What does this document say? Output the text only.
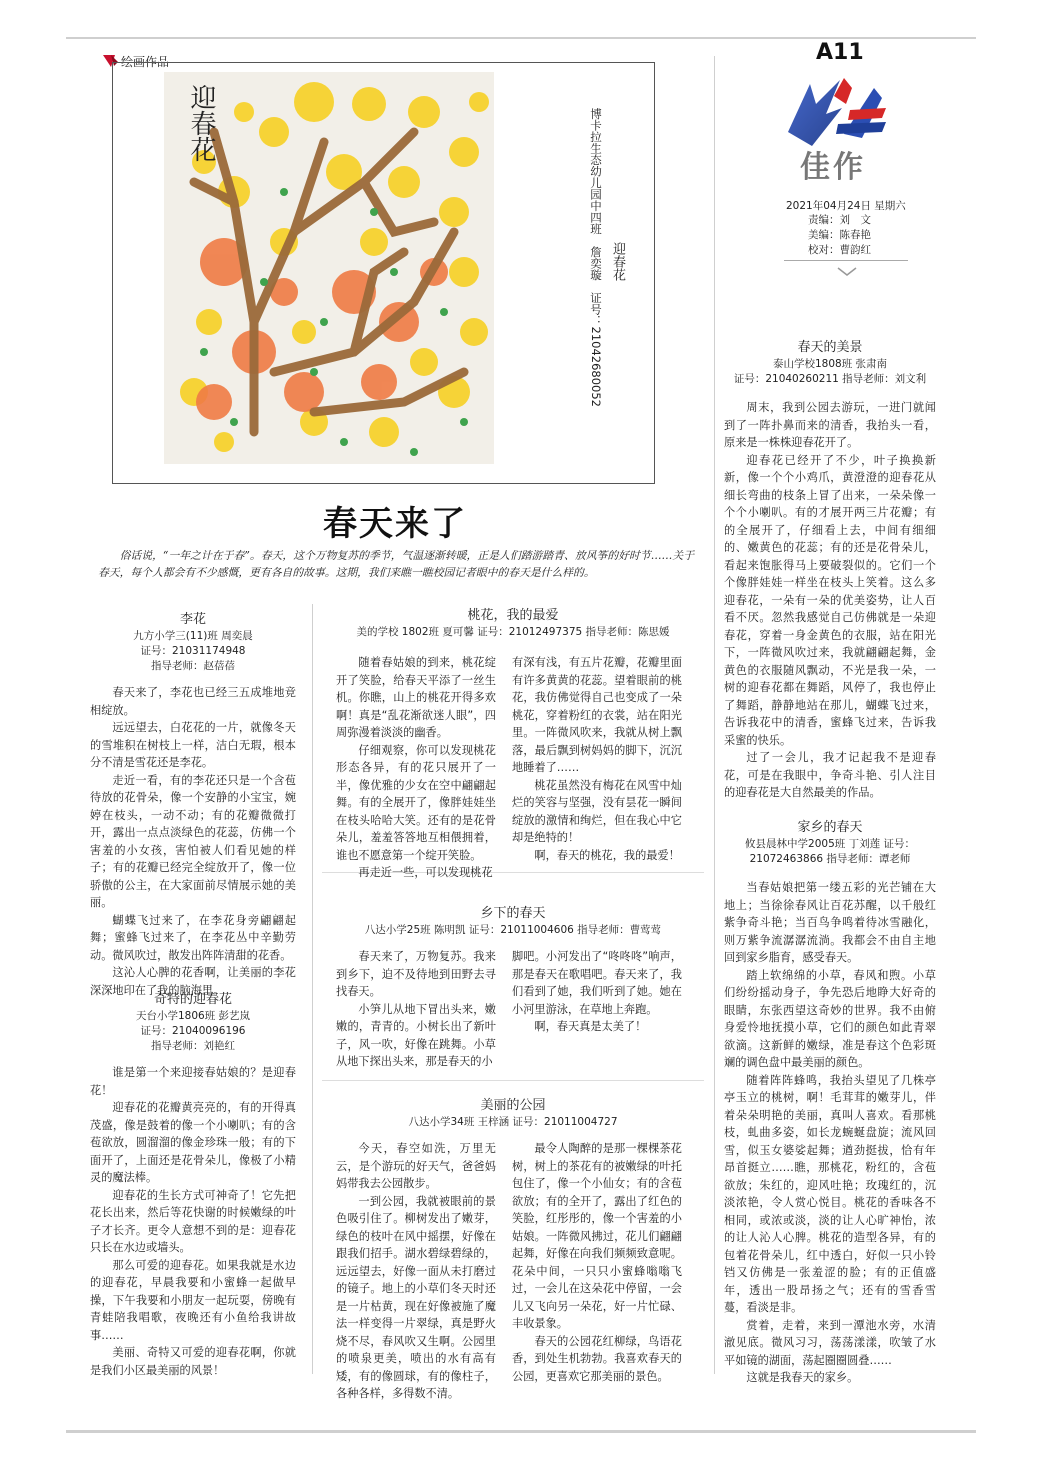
A11
佳作
2021年04月24日 星期六
责编：刘　文
美编：陈春艳
校对：曹韵红
绘画作品
迎春花
迎春花
博卡拉生态幼儿园中四班　詹奕璇　证号：21042680052
春天来了
俗话说，“一年之计在于春”。春天，这个万物复苏的季节，气温逐渐转暖，正是人们踏游踏青、放风筝的好时节……关于春天，每个人都会有不少感慨，更有各自的故事。这期，我们来瞧一瞧校园记者眼中的春天是什么样的。
李花

九方小学三(11)班 周奕晨

证号：21031174948

指导老师：赵蓓蓓

春天来了，李花也已经三五成堆地竞相绽放。

远远望去，白花花的一片，就像冬天的雪堆积在树枝上一样，洁白无瑕，根本分不清是雪花还是李花。

走近一看，有的李花还只是一个含苞待放的花骨朵，像一个安静的小宝宝，婉婷在枝头，一动不动；有的花瓣微微打开，露出一点点淡绿色的花蕊，仿佛一个害羞的小女孩，害怕被人们看见她的样子；有的花瓣已经完全绽放开了，像一位骄傲的公主，在大家面前尽情展示她的美丽。

蝴蝶飞过来了，在李花身旁翩翩起舞；蜜蜂飞过来了，在李花丛中辛勤劳动。微风吹过，散发出阵阵清甜的花香。

这沁人心脾的花香啊，让美丽的李花深深地印在了我的脑海里。

奇特的迎春花

天台小学1806班 彭艺岚

证号：21040096196

指导老师：刘艳红

谁是第一个来迎接春姑娘的？是迎春花！

迎春花的花瓣黄亮亮的，有的开得真茂盛，像是鼓着的像一个小喇叭；有的含苞欲放，圆溜溜的像金珍珠一般；有的下面开了，上面还是花骨朵儿，像极了小精灵的魔法棒。

迎春花的生长方式可神奇了！它先把花长出来，然后等花快谢的时候嫩绿的叶子才长齐。更令人意想不到的是：迎春花只长在水边或墙头。

那么可爱的迎春花。如果我就是水边的迎春花，早晨我要和小蜜蜂一起做早操，下午我要和小朋友一起玩耍，傍晚有青蛙陪我唱歌，夜晚还有小鱼给我讲故事……

美丽、奇特又可爱的迎春花啊，你就是我们小区最美丽的风景！

桃花，我的最爱

美的学校 1802班 夏可馨 证号：21012497375 指导老师：陈思媛

随着春姑娘的到来，桃花绽开了笑脸，给春天平添了一丝生机。你瞧，山上的桃花开得多欢啊！真是“乱花渐欲迷人眼”，四周弥漫着淡淡的幽香。

仔细观察，你可以发现桃花形态各异，有的花只展开了一半，像优雅的少女在空中翩翩起舞。有的全展开了，像胖娃娃坐在枝头哈哈大笑。还有的是花骨朵儿，羞羞答答地互相偎拥着，谁也不愿意第一个绽开笑脸。

再走近一些，可以发现桃花

有深有浅，有五片花瓣，花瓣里面有许多黄黄的花蕊。望着眼前的桃花，我仿佛觉得自己也变成了一朵桃花，穿着粉红的衣裳，站在阳光里。一阵微风吹来，我就从树上飘落，最后飘到树妈妈的脚下，沉沉地睡着了……

桃花虽然没有梅花在风雪中灿烂的笑容与坚强，没有昙花一瞬间绽放的激情和绚烂，但在我心中它却是绝特的！

啊，春天的桃花，我的最爱！

乡下的春天

八达小学25班 陈明凯 证号：21011004606 指导老师：曹莺莺

春天来了，万物复苏。我来到乡下，迫不及待地到田野去寻找春天。

小笋儿从地下冒出头来，嫩嫩的，青青的。小树长出了新叶子，风一吹，好像在跳舞。小草从地下探出头来，那是春天的小

脚吧。小河发出了“咚咚咚”响声，那是春天在歌唱吧。春天来了，我们看到了她，我们听到了她。她在小河里游泳，在草地上奔跑。

啊，春天真是太美了！

美丽的公园

八达小学34班 王梓涵 证号：21011004727

今天，春空如洗，万里无云，是个游玩的好天气，爸爸妈妈带我去公园散步。

一到公园，我就被眼前的景色吸引住了。柳树发出了嫩芽，绿色的枝叶在风中摇摆，好像在跟我们招手。湖水碧绿碧绿的，远远望去，好像一面从未打磨过的镜子。地上的小草们冬天时还是一片枯黄，现在好像被施了魔法一样变得一片翠绿，真是野火烧不尽，春风吹又生啊。公园里的喷泉更美，喷出的水有高有矮，有的像圆球，有的像柱子，各种各样，多得数不清。

最令人陶醉的是那一棵棵茶花树，树上的茶花有的被嫩绿的叶托包住了，像一个小仙女；有的含苞欲放；有的全开了，露出了红色的笑脸，红彤彤的，像一个害羞的小姑娘。一阵微风拂过，花儿们翩翩起舞，好像在向我们频频致意呢。花朵中间，一只只小蜜蜂嗡嗡飞过，一会儿在这朵花中停留，一会儿又飞向另一朵花，好一片忙碌、丰收景象。

春天的公园花红柳绿，鸟语花香，到处生机勃勃。我喜欢春天的公园，更喜欢它那美丽的景色。

春天的美景

泰山学校1808班 张肃南

证号：21040260211 指导老师：刘文利

周末，我到公园去游玩，一进门就闻到了一阵扑鼻而来的清香，我抬头一看，原来是一株株迎春花开了。

迎春花已经开了不少，叶子换换新新，像一个个小鸡爪，黄澄澄的迎春花从细长弯曲的枝条上冒了出来，一朵朵像一个个小喇叭。有的才展开两三片花瓣；有的全展开了，仔细看上去，中间有细细的、嫩黄色的花蕊；有的还是花骨朵儿，看起来饱胀得马上要破裂似的。它们一个个像胖娃娃一样坐在枝头上笑着。这么多迎春花，一朵有一朵的优美姿势，让人百看不厌。忽然我感觉自己仿佛就是一朵迎春花，穿着一身金黄色的衣服，站在阳光下，一阵微风吹过来，我就翩翩起舞，金黄色的衣服随风飘动，不光是我一朵，一树的迎春花都在舞蹈，风停了，我也停止了舞蹈，静静地站在那儿，蝴蝶飞过来，告诉我花中的清香，蜜蜂飞过来，告诉我采蜜的快乐。

过了一会儿，我才记起我不是迎春花，可是在我眼中，争奇斗艳、引人注目的迎春花是大自然最美的作品。

家乡的春天

攸县晨林中学2005班 丁刘莲 证号：

21072463866 指导老师：谭老师

当春姑娘把第一缕五彩的光芒铺在大地上；当徐徐春风让百花苏醒，以千般红紫争奇斗艳；当百鸟争鸣着待冰雪融化，则万紫争流潺潺流淌。我都会不由自主地回到家乡脂育，感受春天。

踏上软绵绵的小草，春风和煦。小草们纷纷摇动身子，争先恐后地睁大好奇的眼睛，东张西望这奇妙的世界。我不由俯身爱怜地抚摸小草，它们的颜色如此青翠欲滴。这新鲜的嫩绿，准是春这个色彩斑斓的调色盘中最美丽的颜色。

随着阵阵蜂鸣，我抬头望见了几株亭亭玉立的桃树，啊！毛茸茸的嫩芽儿，伴着朵朵明艳的美丽，真叫人喜欢。看那桃枝，虬曲多姿，如长龙蜿蜒盘旋；流风回雪，似玉女婆娑起舞；遒劲挺拔，恰有年昂首挺立……瞧，那桃花，粉红的，含苞欲放；朱红的，迎风吐艳；玫瑰红的，沉淡浓艳，令人赏心悦目。桃花的香味各不相同，或浓或淡，淡的让人心旷神怡，浓的让人沁人心脾。桃花的造型各异，有的包着花骨朵儿，红中透白，好似一只小铃铛又仿佛是一张羞涩的脸；有的正值盛年，透出一股昂扬之气；还有的雪香雪蔓，看淡是非。

赏着，走着，来到一潭池水旁，水清澈见底。微风习习，荡荡漾漾，吹皱了水平如镜的湖面，荡起圈圈圆叠……

这就是我春天的家乡。
